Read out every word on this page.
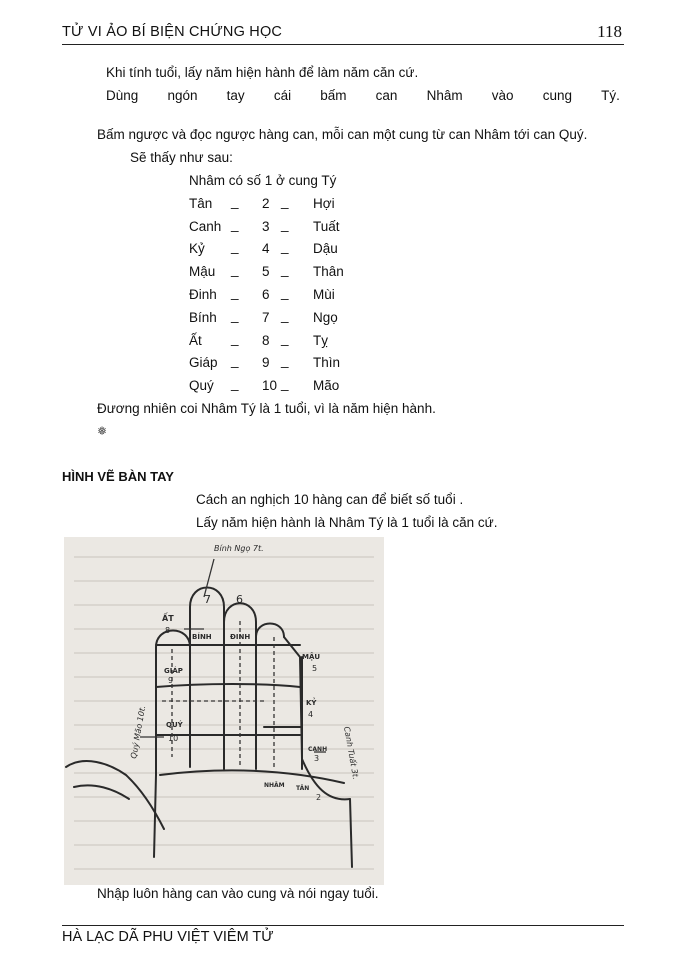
TỬ VI ẢO BÍ BIỆN CHỨNG HỌC	118
Khi tính tuổi, lấy năm hiện hành để làm năm căn cứ.
Dùng ngón tay cái bấm can Nhâm vào cung Tý.
Bấm ngược và đọc ngược hàng can, mỗi can một cung từ can Nhâm tới can Quý.
Sẽ thấy như sau:
Nhâm có số 1 ở cung Tý
Tân _ 2 _ Hợi
Canh _ 3 _ Tuất
Kỷ _ 4 _ Dậu
Mậu _ 5 _ Thân
Đinh _ 6 _ Mùi
Bính _ 7 _ Ngọ
Ất _ 8 _ Tỵ
Giáp _ 9 _ Thìn
Quý _ 10 _ Mão
Đương nhiên coi Nhâm Tý là 1 tuổi, vì là năm hiện hành.
❅
HÌNH VẼ BÀN TAY
Cách an nghịch 10 hàng can để biết số tuổi .
Lấy năm hiện hành là Nhâm Tý là 1 tuổi là căn cứ.
Bính Ngọ 7t.
ẤT
8
7 6
BÍNH	ĐINH
GIÁP
9
QUÝ
10
MẬU
5
KỶ
4
CANH
3
NHÂM TÂN
2
Quý Mão 10t.	Canh Tuất 3t.
Nhập luôn hàng can vào cung và nói ngay tuổi.
HÀ LẠC DÃ PHU VIỆT VIÊM TỬ
